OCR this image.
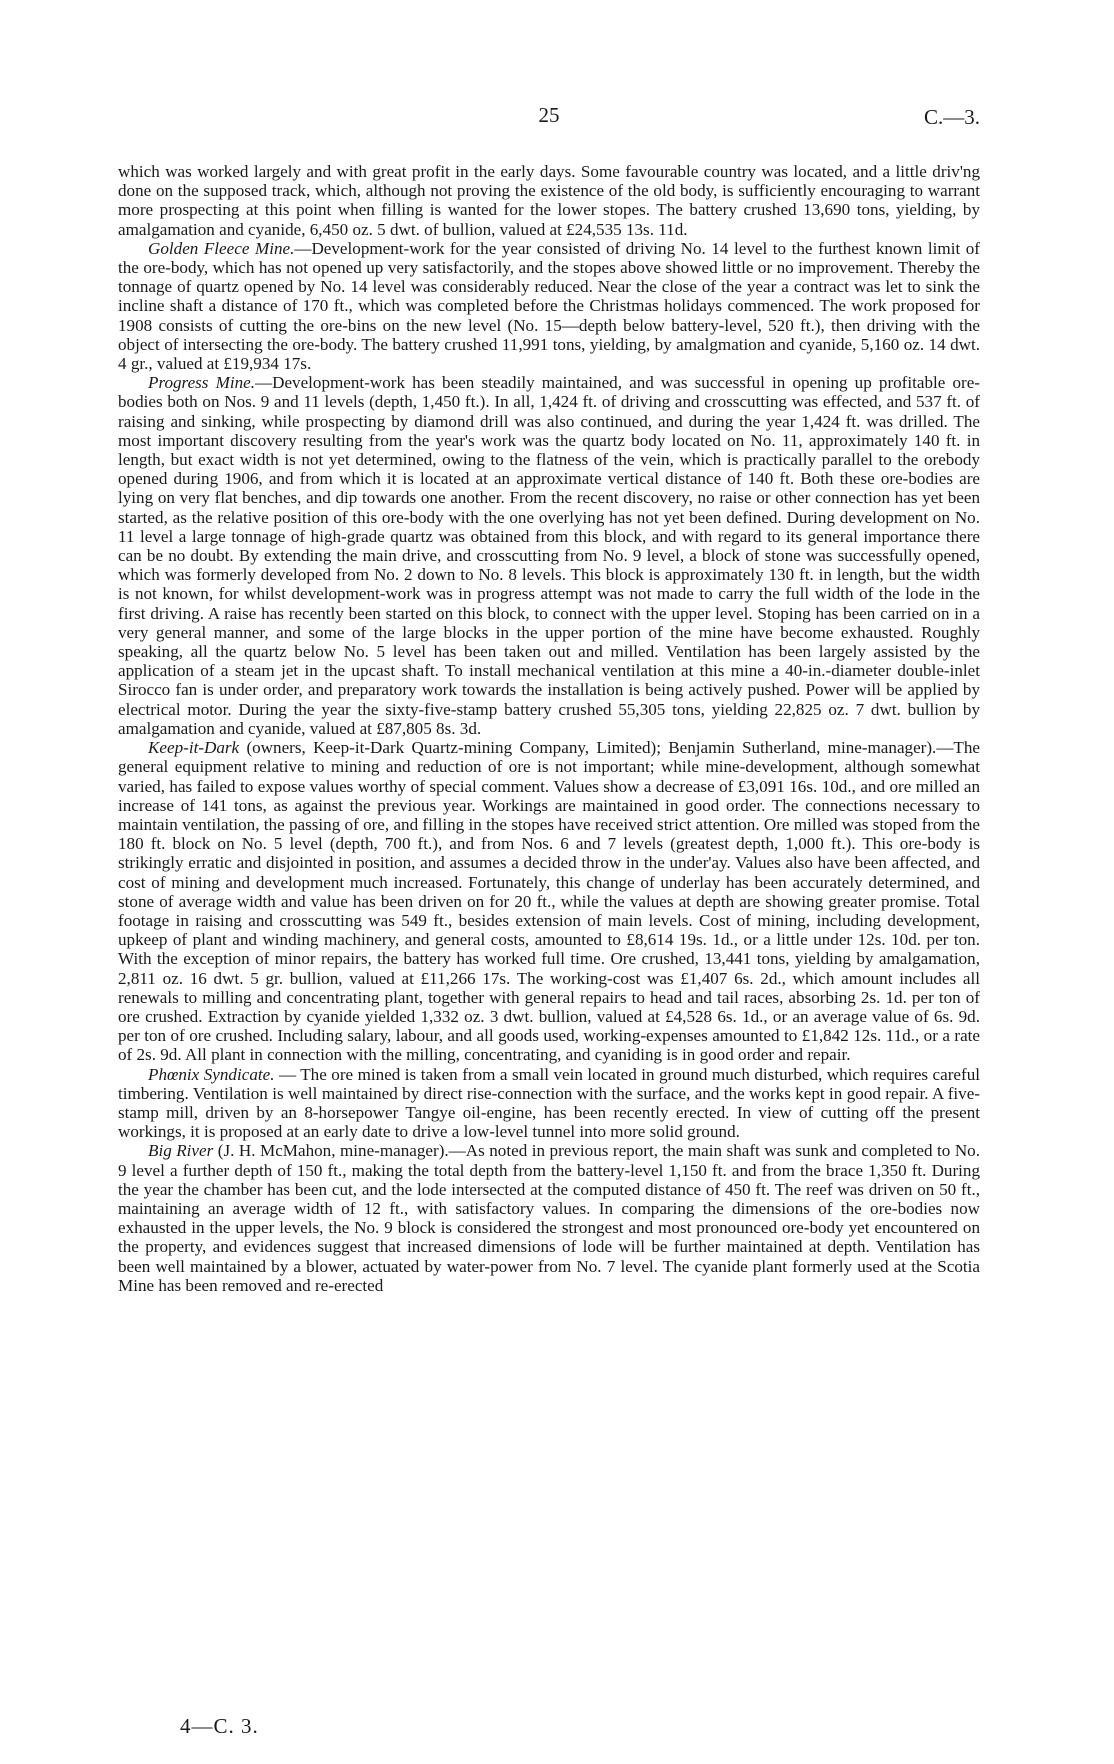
25	C.—3.

which was worked largely and with great profit in the early days. Some favourable country was located, and a little driv'ng done on the supposed track, which, although not proving the existence of the old body, is sufficiently encouraging to warrant more prospecting at this point when filling is wanted for the lower stopes. The battery crushed 13,690 tons, yielding, by amalgamation and cyanide, 6,450 oz. 5 dwt. of bullion, valued at £24,535 13s. 11d.

Golden Fleece Mine.—Development-work for the year consisted of driving No. 14 level to the furthest known limit of the ore-body, which has not opened up very satisfactorily, and the stopes above showed little or no improvement. Thereby the tonnage of quartz opened by No. 14 level was considerably reduced. Near the close of the year a contract was let to sink the incline shaft a distance of 170 ft., which was completed before the Christmas holidays commenced. The work proposed for 1908 consists of cutting the ore-bins on the new level (No. 15—depth below battery-level, 520 ft.), then driving with the object of intersecting the ore-body. The battery crushed 11,991 tons, yielding, by amalgmation and cyanide, 5,160 oz. 14 dwt. 4 gr., valued at £19,934 17s.

Progress Mine.—Development-work has been steadily maintained, and was successful in opening up profitable ore-bodies both on Nos. 9 and 11 levels (depth, 1,450 ft.). In all, 1,424 ft. of driving and crosscutting was effected, and 537 ft. of raising and sinking, while prospecting by diamond drill was also continued, and during the year 1,424 ft. was drilled. The most important discovery resulting from the year's work was the quartz body located on No. 11, approximately 140 ft. in length, but exact width is not yet determined, owing to the flatness of the vein, which is practically parallel to the orebody opened during 1906, and from which it is located at an approximate vertical distance of 140 ft. Both these ore-bodies are lying on very flat benches, and dip towards one another. From the recent discovery, no raise or other connection has yet been started, as the relative position of this ore-body with the one overlying has not yet been defined. During development on No. 11 level a large tonnage of high-grade quartz was obtained from this block, and with regard to its general importance there can be no doubt. By extending the main drive, and crosscutting from No. 9 level, a block of stone was successfully opened, which was formerly developed from No. 2 down to No. 8 levels. This block is approximately 130 ft. in length, but the width is not known, for whilst development-work was in progress attempt was not made to carry the full width of the lode in the first driving. A raise has recently been started on this block, to connect with the upper level. Stoping has been carried on in a very general manner, and some of the large blocks in the upper portion of the mine have become exhausted. Roughly speaking, all the quartz below No. 5 level has been taken out and milled. Ventilation has been largely assisted by the application of a steam jet in the upcast shaft. To install mechanical ventilation at this mine a 40-in.-diameter double-inlet Sirocco fan is under order, and preparatory work towards the installation is being actively pushed. Power will be applied by electrical motor. During the year the sixty-five-stamp battery crushed 55,305 tons, yielding 22,825 oz. 7 dwt. bullion by amalgamation and cyanide, valued at £87,805 8s. 3d.

Keep-it-Dark (owners, Keep-it-Dark Quartz-mining Company, Limited); Benjamin Sutherland, mine-manager).—The general equipment relative to mining and reduction of ore is not important; while mine-development, although somewhat varied, has failed to expose values worthy of special comment. Values show a decrease of £3,091 16s. 10d., and ore milled an increase of 141 tons, as against the previous year. Workings are maintained in good order. The connections necessary to maintain ventilation, the passing of ore, and filling in the stopes have received strict attention. Ore milled was stoped from the 180 ft. block on No. 5 level (depth, 700 ft.), and from Nos. 6 and 7 levels (greatest depth, 1,000 ft.). This ore-body is strikingly erratic and disjointed in position, and assumes a decided throw in the under'ay. Values also have been affected, and cost of mining and development much increased. Fortunately, this change of underlay has been accurately determined, and stone of average width and value has been driven on for 20 ft., while the values at depth are showing greater promise. Total footage in raising and crosscutting was 549 ft., besides extension of main levels. Cost of mining, including development, upkeep of plant and winding machinery, and general costs, amounted to £8,614 19s. 1d., or a little under 12s. 10d. per ton. With the exception of minor repairs, the battery has worked full time. Ore crushed, 13,441 tons, yielding by amalgamation, 2,811 oz. 16 dwt. 5 gr. bullion, valued at £11,266 17s. The working-cost was £1,407 6s. 2d., which amount includes all renewals to milling and concentrating plant, together with general repairs to head and tail races, absorbing 2s. 1d. per ton of ore crushed. Extraction by cyanide yielded 1,332 oz. 3 dwt. bullion, valued at £4,528 6s. 1d., or an average value of 6s. 9d. per ton of ore crushed. Including salary, labour, and all goods used, working-expenses amounted to £1,842 12s. 11d., or a rate of 2s. 9d. All plant in connection with the milling, concentrating, and cyaniding is in good order and repair.

Phœnix Syndicate. — The ore mined is taken from a small vein located in ground much disturbed, which requires careful timbering. Ventilation is well maintained by direct rise-connection with the surface, and the works kept in good repair. A five-stamp mill, driven by an 8-horsepower Tangye oil-engine, has been recently erected. In view of cutting off the present workings, it is proposed at an early date to drive a low-level tunnel into more solid ground.

Big River (J. H. McMahon, mine-manager).—As noted in previous report, the main shaft was sunk and completed to No. 9 level a further depth of 150 ft., making the total depth from the battery-level 1,150 ft. and from the brace 1,350 ft. During the year the chamber has been cut, and the lode intersected at the computed distance of 450 ft. The reef was driven on 50 ft., maintaining an average width of 12 ft., with satisfactory values. In comparing the dimensions of the ore-bodies now exhausted in the upper levels, the No. 9 block is considered the strongest and most pronounced ore-body yet encountered on the property, and evidences suggest that increased dimensions of lode will be further maintained at depth. Ventilation has been well maintained by a blower, actuated by water-power from No. 7 level. The cyanide plant formerly used at the Scotia Mine has been removed and re-erected

4—C. 3.
